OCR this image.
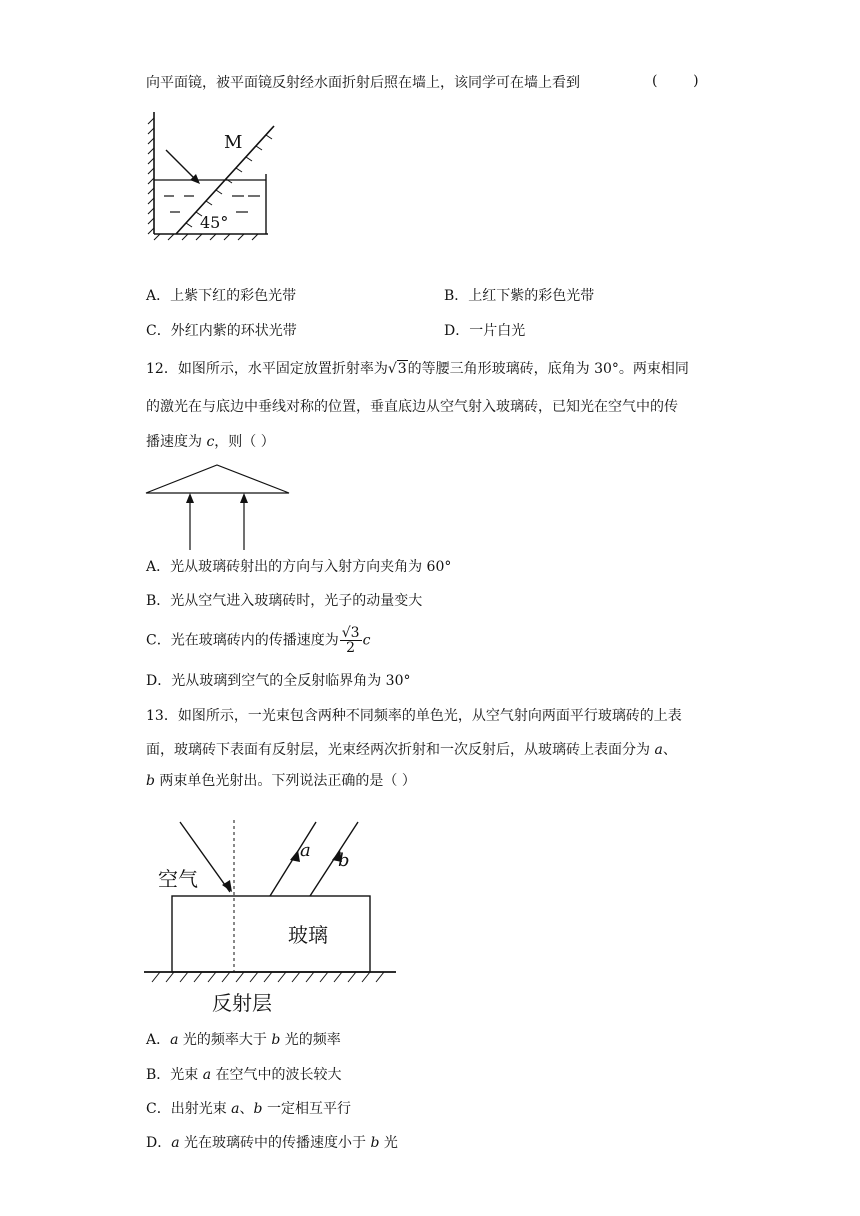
向平面镜，被平面镜反射经水面折射后照在墙上，该同学可在墙上看到	(        )
M
45°
A．上紫下红的彩色光带	B．上红下紫的彩色光带
C．外红内紫的环状光带	D．一片白光
12．如图所示，水平固定放置折射率为√3的等腰三角形玻璃砖，底角为 30°。两束相同
的激光在与底边中垂线对称的位置，垂直底边从空气射入玻璃砖，已知光在空气中的传
播速度为 c，则（ ）
A．光从玻璃砖射出的方向与入射方向夹角为 60°
B．光从空气进入玻璃砖时，光子的动量变大
C．光在玻璃砖内的传播速度为 $\frac{√3}{2}$ c
D．光从玻璃到空气的全反射临界角为 30°
13．如图所示，一光束包含两种不同频率的单色光，从空气射向两面平行玻璃砖的上表
面，玻璃砖下表面有反射层，光束经两次折射和一次反射后，从玻璃砖上表面分为 a、
b 两束单色光射出。下列说法正确的是（ ）
空气
玻璃
反射层
a b
A．a 光的频率大于 b 光的频率
B．光束 a 在空气中的波长较大
C．出射光束 a、b 一定相互平行
D．a 光在玻璃砖中的传播速度小于 b 光
